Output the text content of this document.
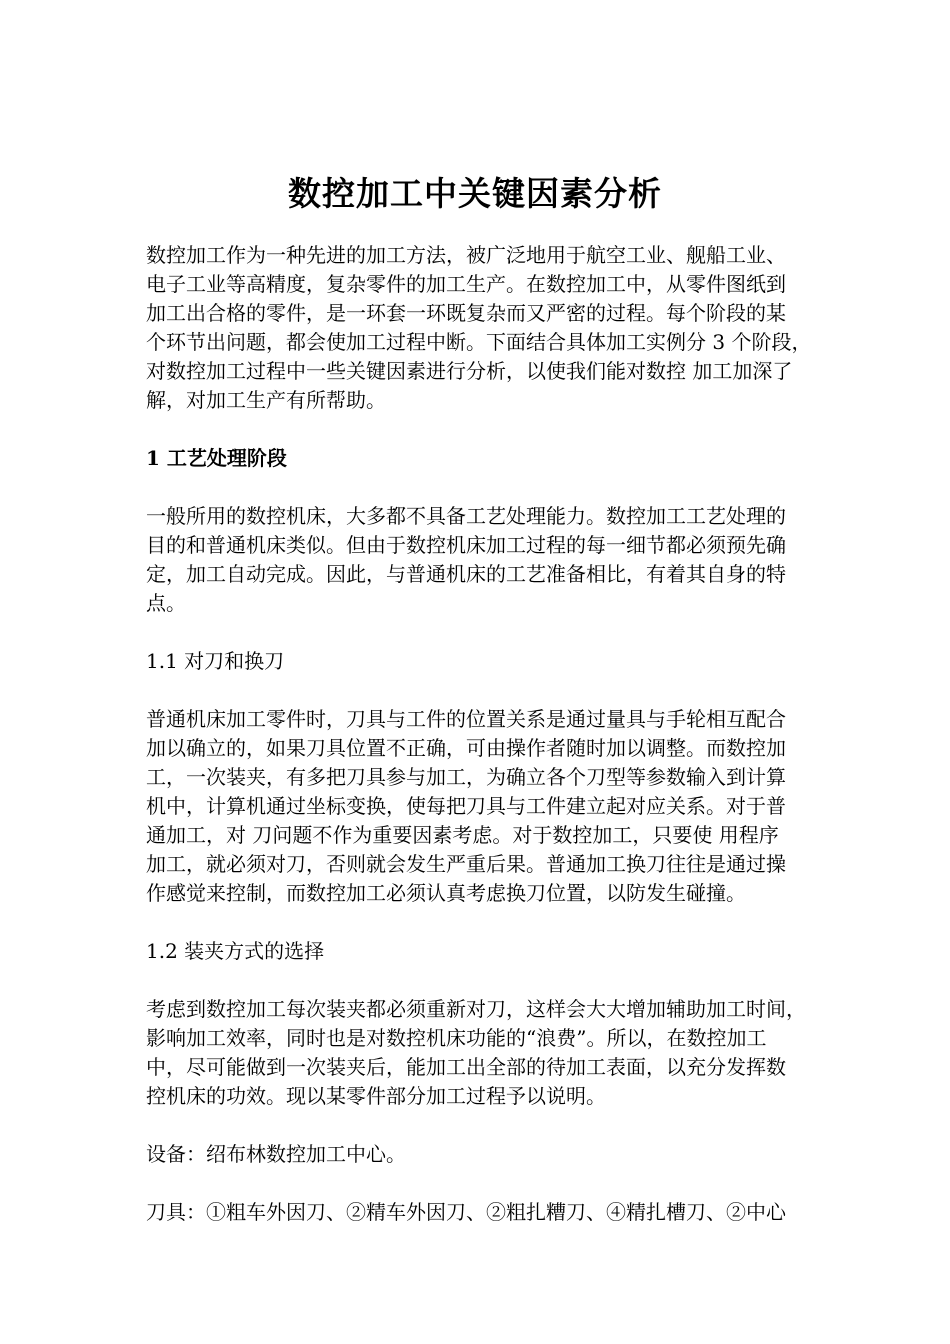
数控加工中关键因素分析
数控加工作为一种先进的加工方法，被广泛地用于航空工业、舰船工业、
电子工业等高精度，复杂零件的加工生产。在数控加工中，从零件图纸到
加工出合格的零件，是一环套一环既复杂而又严密的过程。每个阶段的某
个环节出问题，都会使加工过程中断。下面结合具体加工实例分 3 个阶段，
对数控加工过程中一些关键因素进行分析，以使我们能对数控 加工加深了
解，对加工生产有所帮助。
1 工艺处理阶段
一般所用的数控机床，大多都不具备工艺处理能力。数控加工工艺处理的
目的和普通机床类似。但由于数控机床加工过程的每一细节都必须预先确
定，加工自动完成。因此，与普通机床的工艺准备相比，有着其自身的特
点。
1.1 对刀和换刀
普通机床加工零件时，刀具与工件的位置关系是通过量具与手轮相互配合
加以确立的，如果刀具位置不正确，可由操作者随时加以调整。而数控加
工，一次装夹，有多把刀具参与加工，为确立各个刀型等参数输入到计算
机中，计算机通过坐标变换，使每把刀具与工件建立起对应关系。对于普
通加工，对 刀问题不作为重要因素考虑。对于数控加工，只要使 用程序
加工，就必须对刀，否则就会发生严重后果。普通加工换刀往往是通过操
作感觉来控制，而数控加工必须认真考虑换刀位置，以防发生碰撞。
1.2 装夹方式的选择
考虑到数控加工每次装夹都必须重新对刀，这样会大大增加辅助加工时间，
影响加工效率，同时也是对数控机床功能的“浪费”。所以，在数控加工
中，尽可能做到一次装夹后，能加工出全部的待加工表面，以充分发挥数
控机床的功效。现以某零件部分加工过程予以说明。
设备：绍布林数控加工中心。
刀具：①粗车外因刀、②精车外因刀、②粗扎糟刀、④精扎槽刀、②中心
